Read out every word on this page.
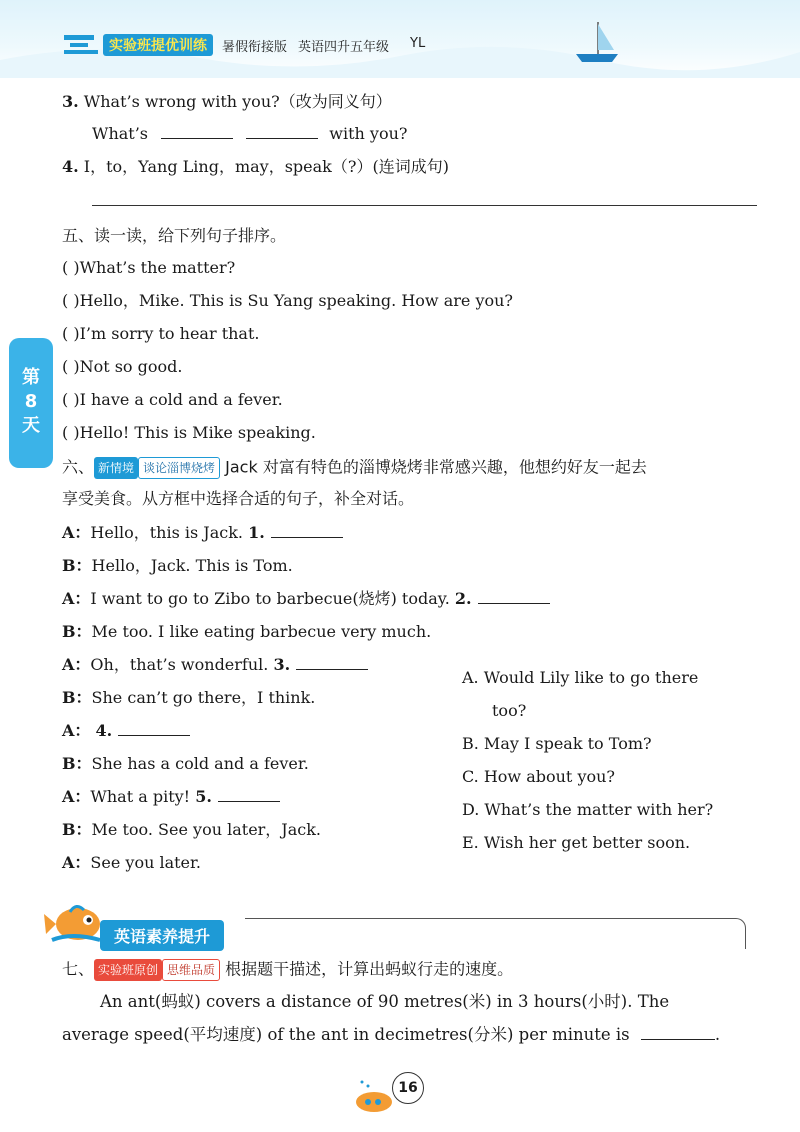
实验班提优训练	暑假衔接版 英语四升五年级 YL
3. What’s wrong with you?（改为同义句）
What’s	with you?
4. I，to，Yang Ling，may，speak（?）(连词成句)
第
8
天
五、读一读，给下列句子排序。
( )What’s the matter?
( )Hello，Mike. This is Su Yang speaking. How are you?
( )I’m sorry to hear that.
( )Not so good.
( )I have a cold and a fever.
( )Hello! This is Mike speaking.
六、 新情境 谈论淄博烧烤 Jack 对富有特色的淄博烧烤非常感兴趣，他想约好友一起去
享受美食。从方框中选择合适的句子，补全对话。
A：Hello，this is Jack. 1.
B：Hello，Jack. This is Tom.
A：I want to go to Zibo to barbecue(烧烤) today. 2.
B：Me too. I like eating barbecue very much.
A：Oh，that’s wonderful. 3.
B：She can’t go there，I think.
A： 4.
B：She has a cold and a fever.
A：What a pity! 5.
B：Me too. See you later，Jack.
A：See you later.
A. Would Lily like to go there
too?
B. May I speak to Tom?
C. How about you?
D. What’s the matter with her?
E. Wish her get better soon.
英语素养提升
七、 实验班原创 思维品质 根据题干描述，计算出蚂蚁行走的速度。
An ant(蚂蚁) covers a distance of 90 metres(米) in 3 hours(小时). The
average speed(平均速度) of the ant in decimetres(分米) per minute is	.
16
